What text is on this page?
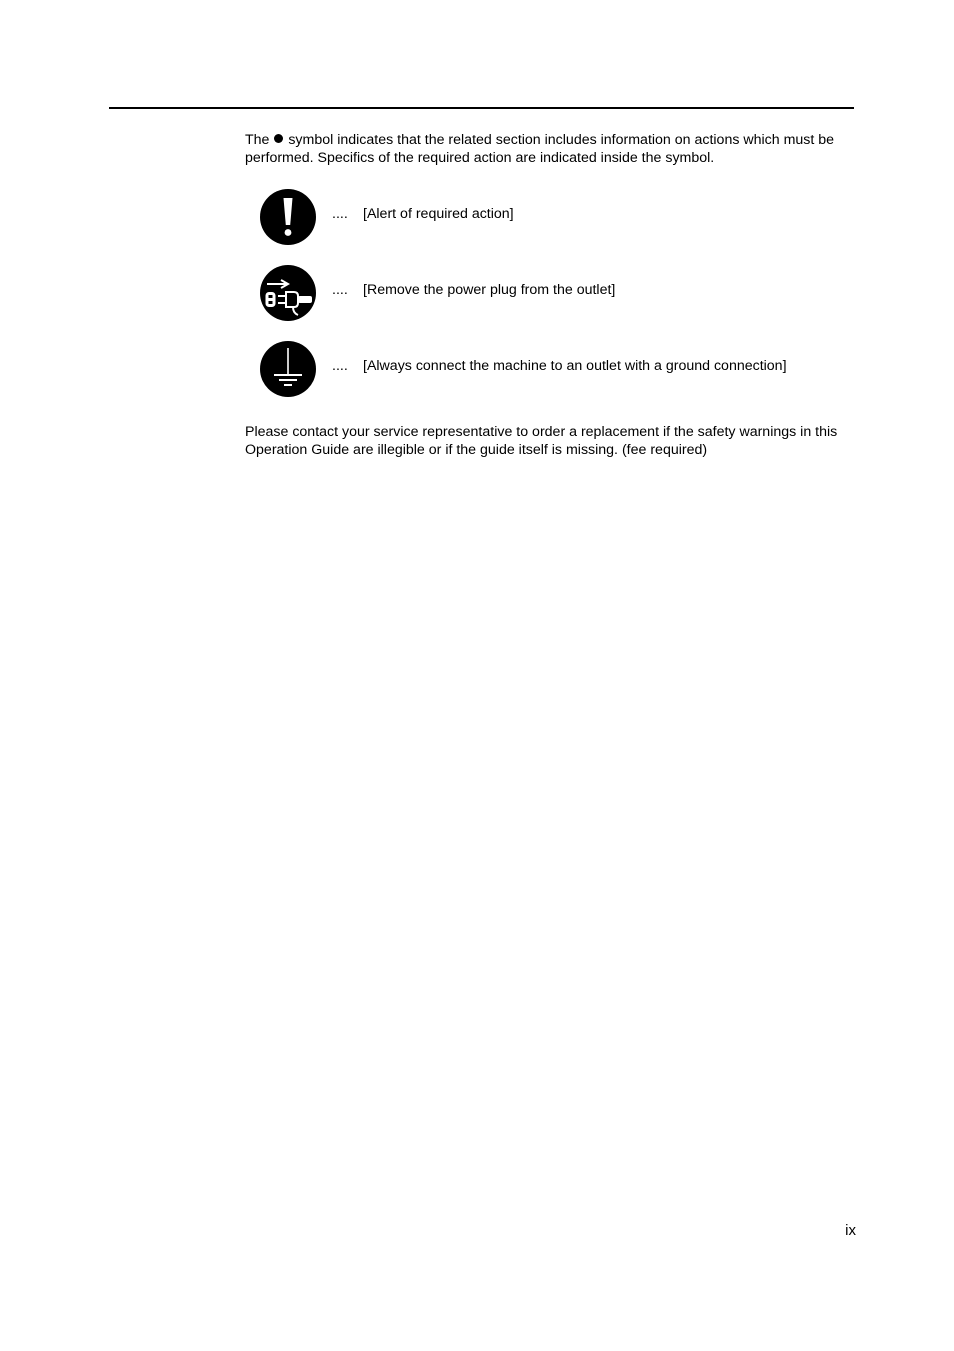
The  symbol indicates that the related section includes information on actions which must be performed. Specifics of the required action are indicated inside the symbol.

.... [Alert of required action]
.... [Remove the power plug from the outlet]
.... [Always connect the machine to an outlet with a ground connection]

Please contact your service representative to order a replacement if the safety warnings in this Operation Guide are illegible or if the guide itself is missing. (fee required)

ix
